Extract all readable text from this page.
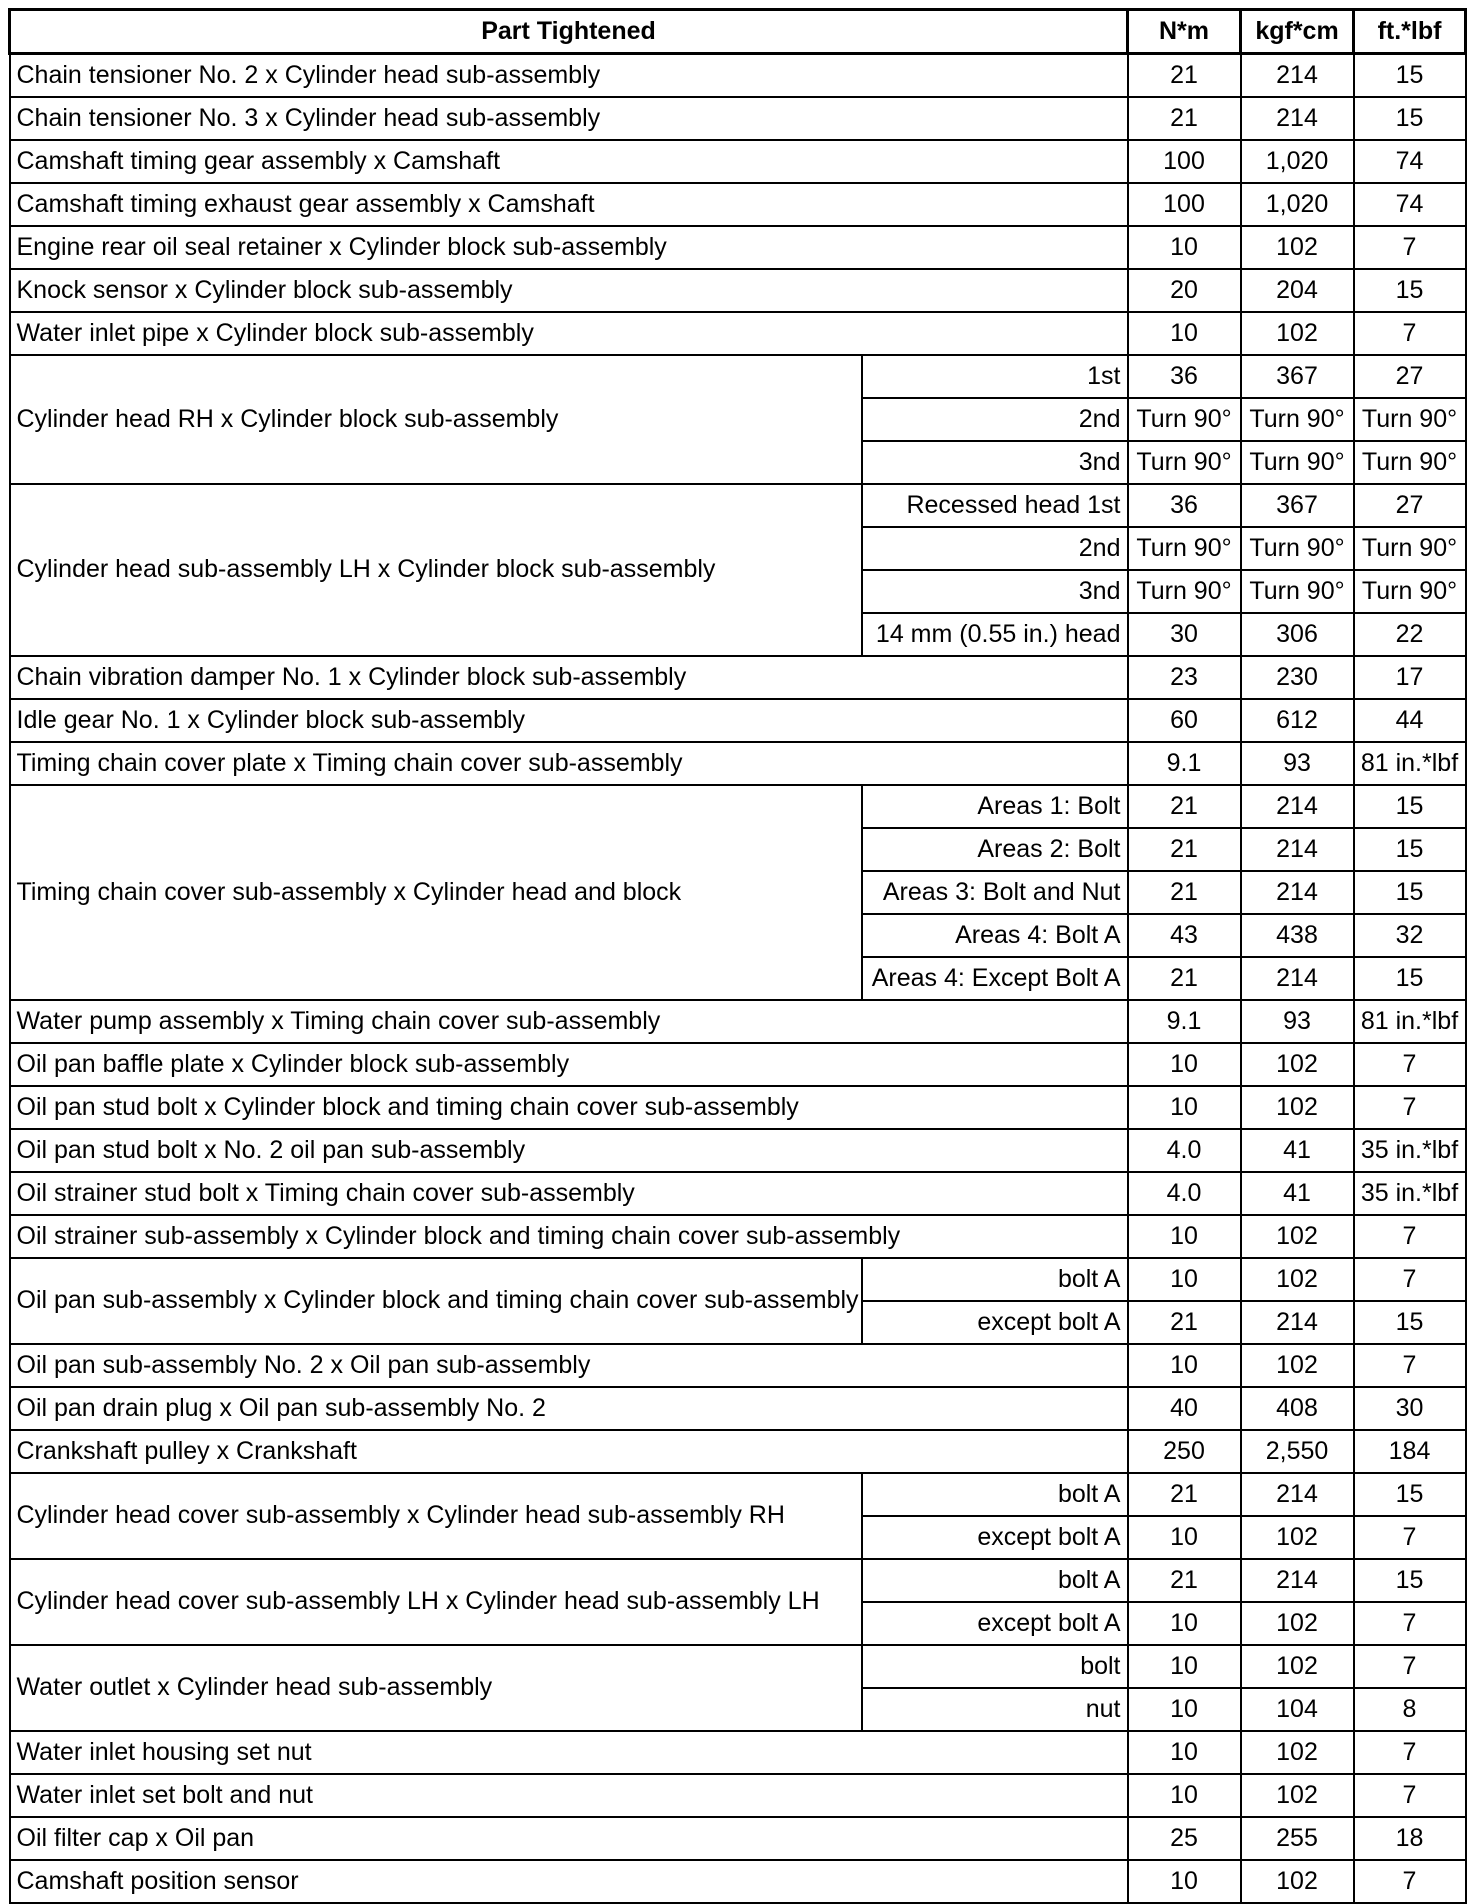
Part Tightened		N*m	kgf*cm	ft.*lbf
Chain tensioner No. 2 x Cylinder head sub-assembly		21	214	15
Chain tensioner No. 3 x Cylinder head sub-assembly		21	214	15
Camshaft timing gear assembly x Camshaft		100	1,020	74
Camshaft timing exhaust gear assembly x Camshaft		100	1,020	74
Engine rear oil seal retainer x Cylinder block sub-assembly		10	102	7
Knock sensor x Cylinder block sub-assembly		20	204	15
Water inlet pipe x Cylinder block sub-assembly		10	102	7
Cylinder head RH x Cylinder block sub-assembly	1st	36	367	27
	2nd	Turn 90°	Turn 90°	Turn 90°
	3nd	Turn 90°	Turn 90°	Turn 90°
Cylinder head sub-assembly LH x Cylinder block sub-assembly	Recessed head 1st	36	367	27
	2nd	Turn 90°	Turn 90°	Turn 90°
	3nd	Turn 90°	Turn 90°	Turn 90°
	14 mm (0.55 in.) head	30	306	22
Chain vibration damper No. 1 x Cylinder block sub-assembly		23	230	17
Idle gear No. 1 x Cylinder block sub-assembly		60	612	44
Timing chain cover plate x Timing chain cover sub-assembly		9.1	93	81 in.*lbf
Timing chain cover sub-assembly x Cylinder head and block	Areas 1: Bolt	21	214	15
	Areas 2: Bolt	21	214	15
	Areas 3: Bolt and Nut	21	214	15
	Areas 4: Bolt A	43	438	32
	Areas 4: Except Bolt A	21	214	15
Water pump assembly x Timing chain cover sub-assembly		9.1	93	81 in.*lbf
Oil pan baffle plate x Cylinder block sub-assembly		10	102	7
Oil pan stud bolt x Cylinder block and timing chain cover sub-assembly		10	102	7
Oil pan stud bolt x No. 2 oil pan sub-assembly		4.0	41	35 in.*lbf
Oil strainer stud bolt x Timing chain cover sub-assembly		4.0	41	35 in.*lbf
Oil strainer sub-assembly x Cylinder block and timing chain cover sub-assembly		10	102	7
Oil pan sub-assembly x Cylinder block and timing chain cover sub-assembly	bolt A	10	102	7
	except bolt A	21	214	15
Oil pan sub-assembly No. 2 x Oil pan sub-assembly		10	102	7
Oil pan drain plug x Oil pan sub-assembly No. 2		40	408	30
Crankshaft pulley x Crankshaft		250	2,550	184
Cylinder head cover sub-assembly x Cylinder head sub-assembly RH	bolt A	21	214	15
	except bolt A	10	102	7
Cylinder head cover sub-assembly LH x Cylinder head sub-assembly LH	bolt A	21	214	15
	except bolt A	10	102	7
Water outlet x Cylinder head sub-assembly	bolt	10	102	7
	nut	10	104	8
Water inlet housing set nut		10	102	7
Water inlet set bolt and nut		10	102	7
Oil filter cap x Oil pan		25	255	18
Camshaft position sensor		10	102	7
